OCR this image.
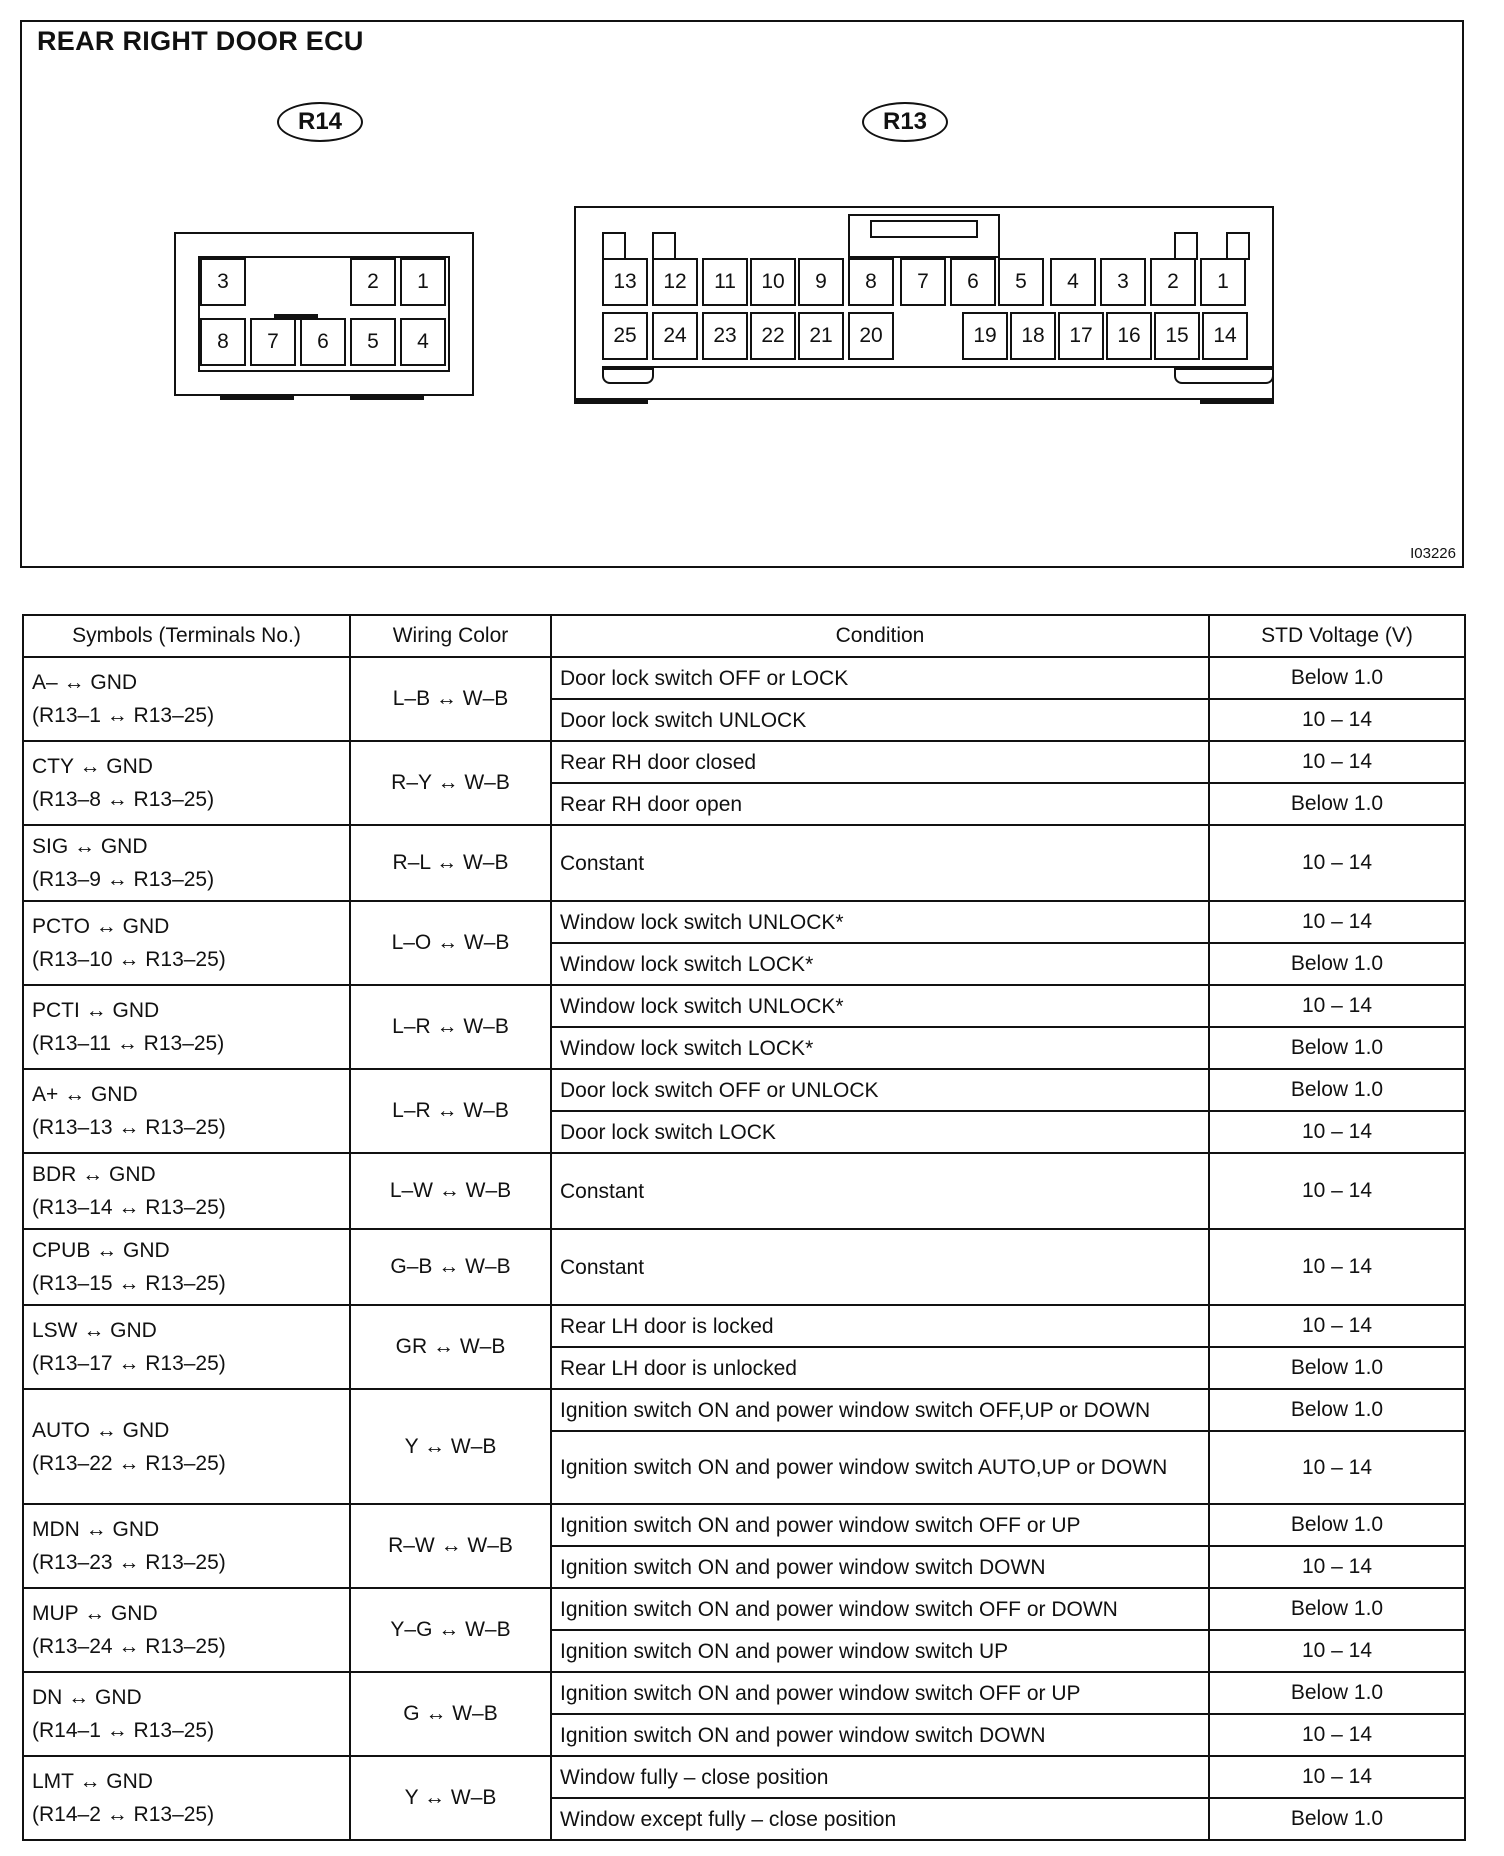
REAR RIGHT DOOR ECU
R14
3	2	1
8	7	6	5	4
R13
13	12	11	10	9	8	7	6	5	4	3	2	1
25	24	23	22	21	20	19	18	17	16	15	14
I03226
Symbols (Terminals No.)	Wiring Color	Condition	STD Voltage (V)

A– ↔ GND
(R13–1 ↔ R13–25)	L–B ↔ W–B	Door lock switch OFF or LOCK	Below 1.0
		Door lock switch UNLOCK	10 – 14

CTY ↔ GND
(R13–8 ↔ R13–25)	R–Y ↔ W–B	Rear RH door closed	10 – 14
		Rear RH door open	Below 1.0

SIG ↔ GND
(R13–9 ↔ R13–25)	R–L ↔ W–B	Constant	10 – 14

PCTO ↔ GND
(R13–10 ↔ R13–25)	L–O ↔ W–B	Window lock switch UNLOCK*	10 – 14
		Window lock switch LOCK*	Below 1.0

PCTI ↔ GND
(R13–11 ↔ R13–25)	L–R ↔ W–B	Window lock switch UNLOCK*	10 – 14
		Window lock switch LOCK*	Below 1.0

A+ ↔ GND
(R13–13 ↔ R13–25)	L–R ↔ W–B	Door lock switch OFF or UNLOCK	Below 1.0
		Door lock switch LOCK	10 – 14

BDR ↔ GND
(R13–14 ↔ R13–25)	L–W ↔ W–B	Constant	10 – 14

CPUB ↔ GND
(R13–15 ↔ R13–25)	G–B ↔ W–B	Constant	10 – 14

LSW ↔ GND
(R13–17 ↔ R13–25)	GR ↔ W–B	Rear LH door is locked	10 – 14
		Rear LH door is unlocked	Below 1.0

AUTO ↔ GND
(R13–22 ↔ R13–25)	Y ↔ W–B	Ignition switch ON and power window switch OFF,UP or DOWN	Below 1.0
		Ignition switch ON and power window switch AUTO,UP or DOWN	10 – 14

MDN ↔ GND
(R13–23 ↔ R13–25)	R–W ↔ W–B	Ignition switch ON and power window switch OFF or UP	Below 1.0
		Ignition switch ON and power window switch DOWN	10 – 14

MUP ↔ GND
(R13–24 ↔ R13–25)	Y–G ↔ W–B	Ignition switch ON and power window switch OFF or DOWN	Below 1.0
		Ignition switch ON and power window switch UP	10 – 14

DN ↔ GND
(R14–1 ↔ R13–25)	G ↔ W–B	Ignition switch ON and power window switch OFF or UP	Below 1.0
		Ignition switch ON and power window switch DOWN	10 – 14

LMT ↔ GND
(R14–2 ↔ R13–25)	Y ↔ W–B	Window fully – close position	10 – 14
		Window except fully – close position	Below 1.0
